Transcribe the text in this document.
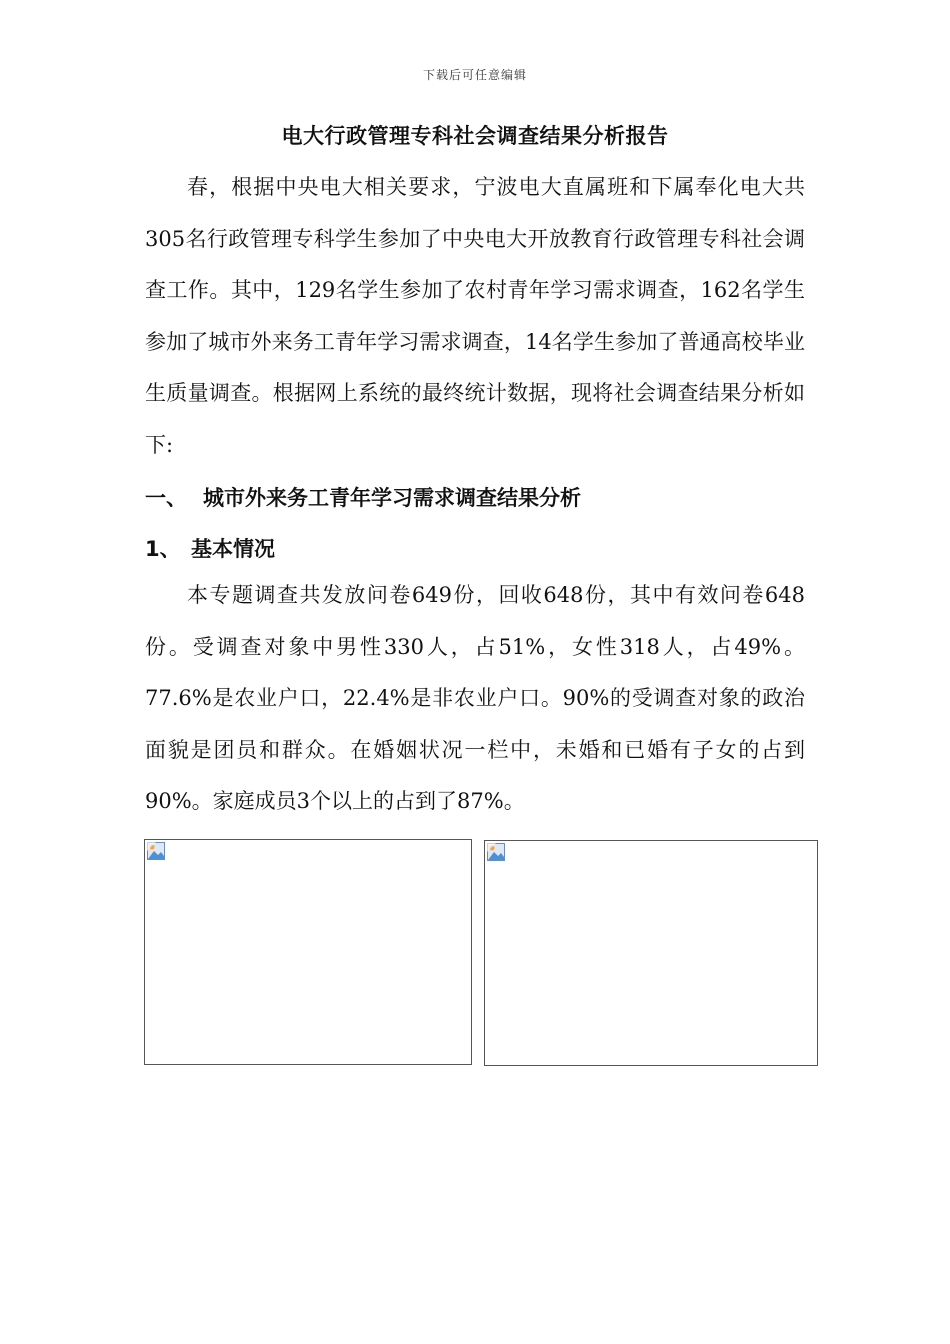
下载后可任意编辑
电大行政管理专科社会调查结果分析报告

春，根据中央电大相关要求，宁波电大直属班和下属奉化电大共305名行政管理专科学生参加了中央电大开放教育行政管理专科社会调查工作。其中，129名学生参加了农村青年学习需求调查，162名学生参加了城市外来务工青年学习需求调查，14名学生参加了普通高校毕业生质量调查。根据网上系统的最终统计数据，现将社会调查结果分析如下:

一、 城市外来务工青年学习需求调查结果分析
1、 基本情况

本专题调查共发放问卷649份，回收648份，其中有效问卷648份。受调查对象中男性330人，占51%，女性318人，占49%。77.6%是农业户口，22.4%是非农业户口。90%的受调查对象的政治面貌是团员和群众。在婚姻状况一栏中，未婚和已婚有子女的占到90%。家庭成员3个以上的占到了87%。
